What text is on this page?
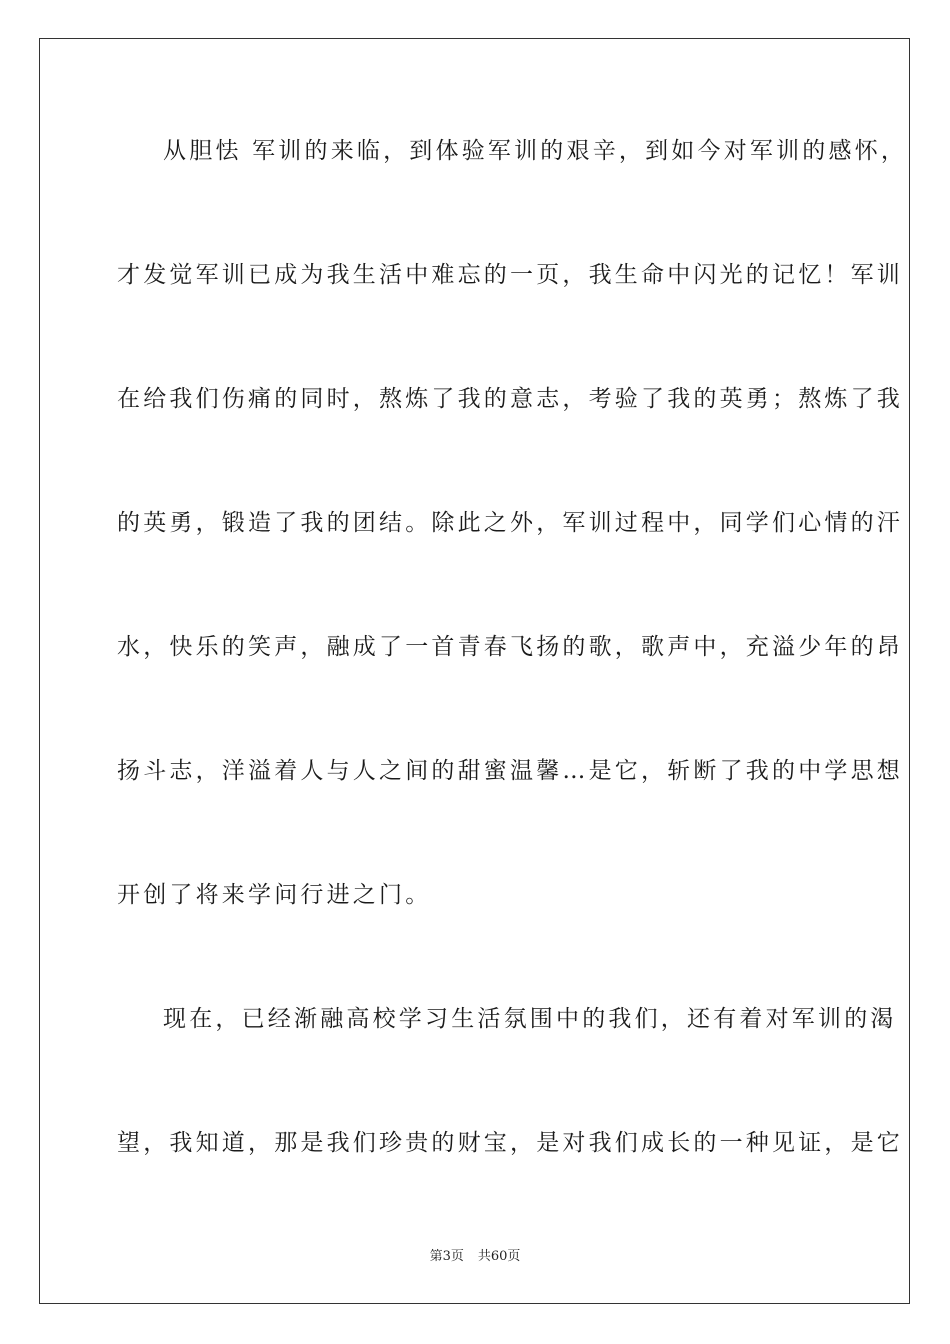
从胆怯 军训的来临，到体验军训的艰辛，到如今对军训的感怀，
才发觉军训已成为我生活中难忘的一页，我生命中闪光的记忆！军训
在给我们伤痛的同时，熬炼了我的意志，考验了我的英勇；熬炼了我
的英勇，锻造了我的团结。除此之外，军训过程中，同学们心情的汗
水，快乐的笑声，融成了一首青春飞扬的歌，歌声中，充溢少年的昂
扬斗志，洋溢着人与人之间的甜蜜温馨…是它，斩断了我的中学思想
开创了将来学问行进之门。
现在，已经渐融高校学习生活氛围中的我们，还有着对军训的渴
望，我知道，那是我们珍贵的财宝，是对我们成长的一种见证，是它
第3页 共60页
